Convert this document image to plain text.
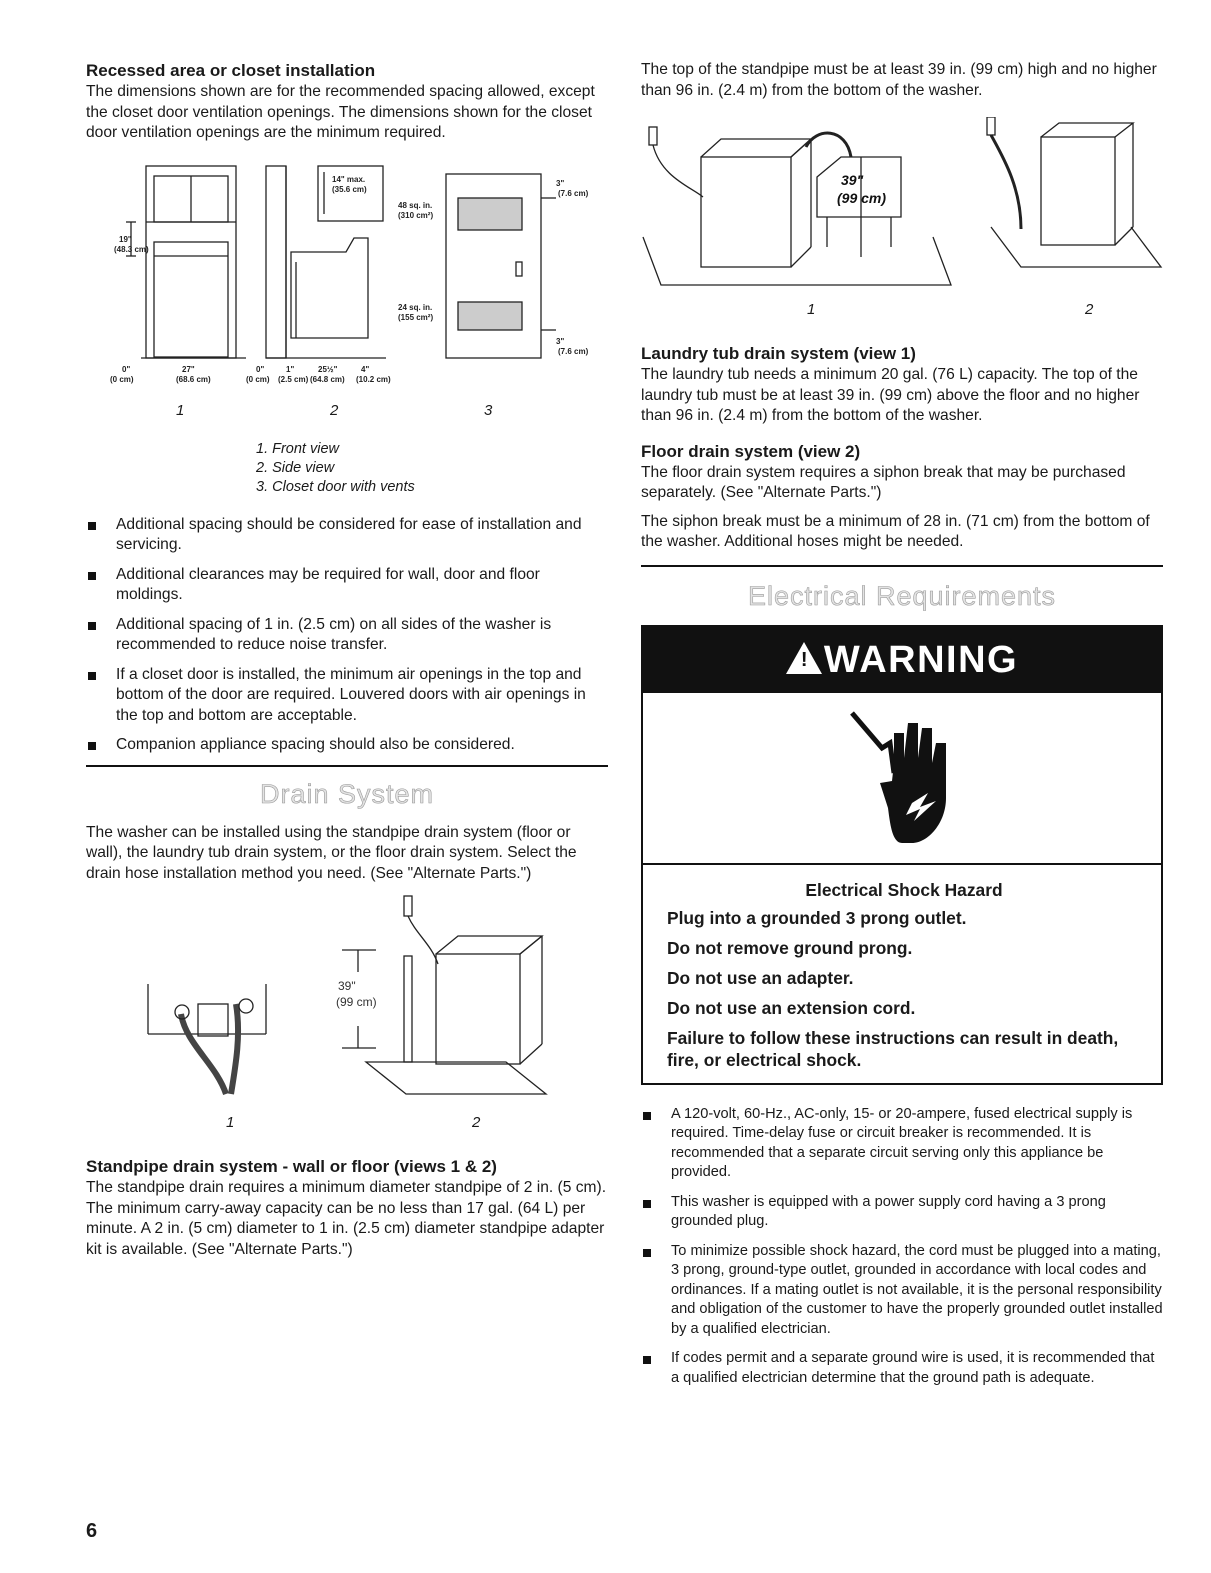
Recessed area or closet installation

The dimensions shown are for the recommended spacing allowed, except the closet door ventilation openings. The dimensions shown for the closet door ventilation openings are the minimum required.

19"
(48.3 cm)
0"
(0 cm)
27"
(68.6 cm)
0"
(0 cm)
1"
(2.5 cm)
25½"
(64.8 cm)
4"
(10.2 cm)
14" max.
(35.6 cm)
48 sq. in.
(310 cm²)
24 sq. in.
(155 cm²)
3"
(7.6 cm)
3"
(7.6 cm)
1	2	3
1. Front view
2. Side view
3. Closet door with vents
Additional spacing should be considered for ease of installation and servicing.
Additional clearances may be required for wall, door and floor moldings.
Additional spacing of 1 in. (2.5 cm) on all sides of the washer is recommended to reduce noise transfer.
If a closet door is installed, the minimum air openings in the top and bottom of the door are required. Louvered doors with air openings in the top and bottom are acceptable.
Companion appliance spacing should also be considered.
Drain System

The washer can be installed using the standpipe drain system (floor or wall), the laundry tub drain system, or the floor drain system. Select the drain hose installation method you need. (See "Alternate Parts.")

39"
(99 cm)
1	2
Standpipe drain system - wall or floor (views 1 & 2)

The standpipe drain requires a minimum diameter standpipe of 2 in. (5 cm). The minimum carry-away capacity can be no less than 17 gal. (64 L) per minute. A 2 in. (5 cm) diameter to 1 in. (2.5 cm) diameter standpipe adapter kit is available. (See "Alternate Parts.")

The top of the standpipe must be at least 39 in. (99 cm) high and no higher than 96 in. (2.4 m) from the bottom of the washer.

39"
(99 cm)
1	2
Laundry tub drain system (view 1)

The laundry tub needs a minimum 20 gal. (76 L) capacity. The top of the laundry tub must be at least 39 in. (99 cm) above the floor and no higher than 96 in. (2.4 m) from the bottom of the washer.

Floor drain system (view 2)

The floor drain system requires a siphon break that may be purchased separately. (See "Alternate Parts.")

The siphon break must be a minimum of 28 in. (71 cm) from the bottom of the washer. Additional hoses might be needed.

Electrical Requirements
! WARNING
Electrical Shock Hazard
Plug into a grounded 3 prong outlet.
Do not remove ground prong.
Do not use an adapter.
Do not use an extension cord.
Failure to follow these instructions can result in death, fire, or electrical shock.
A 120-volt, 60-Hz., AC-only, 15- or 20-ampere, fused electrical supply is required. Time-delay fuse or circuit breaker is recommended. It is recommended that a separate circuit serving only this appliance be provided.
This washer is equipped with a power supply cord having a 3 prong grounded plug.
To minimize possible shock hazard, the cord must be plugged into a mating, 3 prong, ground-type outlet, grounded in accordance with local codes and ordinances. If a mating outlet is not available, it is the personal responsibility and obligation of the customer to have the properly grounded outlet installed by a qualified electrician.
If codes permit and a separate ground wire is used, it is recommended that a qualified electrician determine that the ground path is adequate.
6
